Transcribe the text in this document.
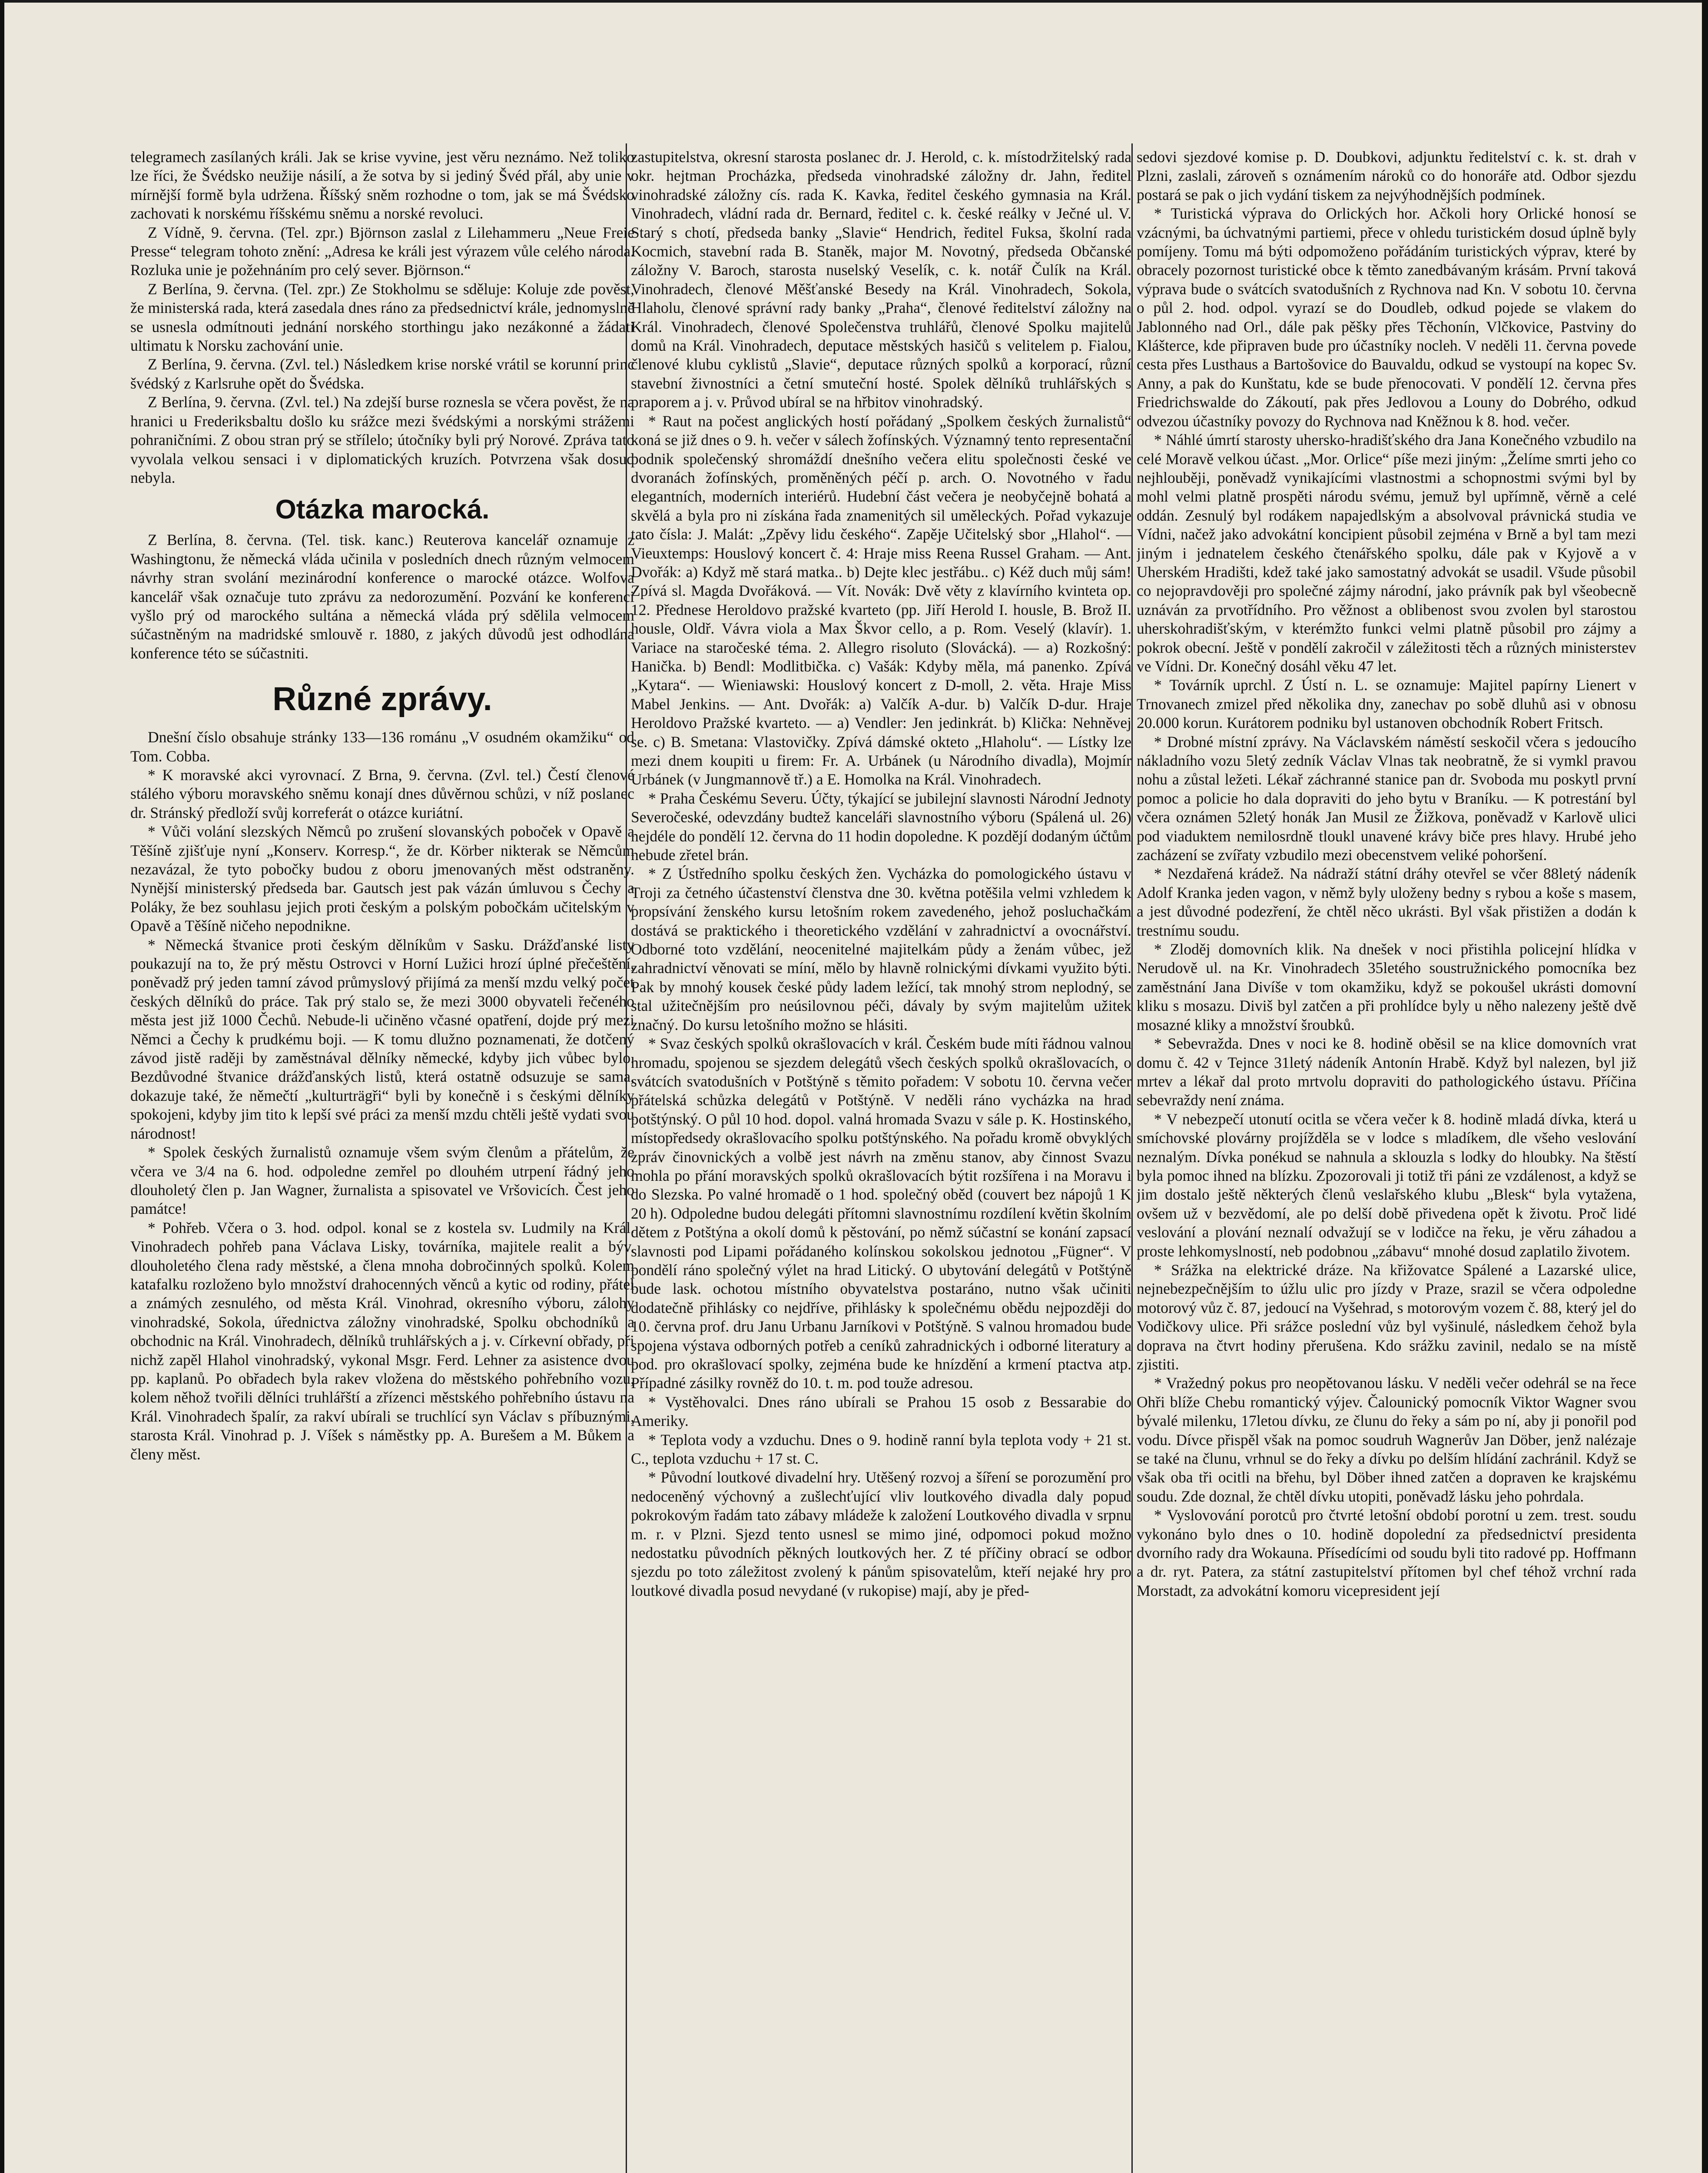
telegramech zasílaných králi. Jak se krise vyvine, jest věru neznámo. Než toliko lze říci, že Švédsko neužije násilí, a že sotva by si jediný Švéd přál, aby unie v mírnější formě byla udržena. Říšský sněm rozhodne o tom, jak se má Švédsko zachovati k norskému říšskému sněmu a norské revoluci.

Z Vídně, 9. června. (Tel. zpr.) Björnson zaslal z Lilehammeru „Neue Freie Presse“ telegram tohoto znění: „Adresa ke králi jest výrazem vůle celého národa. Rozluka unie je požehnáním pro celý sever. Björnson.“

Z Berlína, 9. června. (Tel. zpr.) Ze Stokholmu se sděluje: Koluje zde pověst, že ministerská rada, která zasedala dnes ráno za předsednictví krále, jednomyslně se usnesla odmítnouti jednání norského storthingu jako nezákonné a žádati ultimatu k Norsku zachování unie.

Z Berlína, 9. června. (Zvl. tel.) Následkem krise norské vrátil se korunní princ švédský z Karlsruhe opět do Švédska.

Z Berlína, 9. června. (Zvl. tel.) Na zdejší burse roznesla se včera pověst, že na hranici u Frederiksbaltu došlo ku srážce mezi švédskými a norskými strážemi pohraničními. Z obou stran prý se střílelo; útočníky byli prý Norové. Zpráva tato vyvolala velkou sensaci i v diplomatických kruzích. Potvrzena však dosud nebyla.

Otázka marocká.

Z Berlína, 8. června. (Tel. tisk. kanc.) Reuterova kancelář oznamuje z Washingtonu, že německá vláda učinila v posledních dnech různým velmocem návrhy stran svolání mezinárodní konference o marocké otázce. Wolfova kancelář však označuje tuto zprávu za nedorozumění. Pozvání ke konferenci vyšlo prý od marockého sultána a německá vláda prý sdělila velmocem súčastněným na madridské smlouvě r. 1880, z jakých důvodů jest odhodlána konference této se súčastniti.

Různé zprávy.

Dnešní číslo obsahuje stránky 133—136 románu „V osudném okamžiku“ od Tom. Cobba.

* K moravské akci vyrovnací. Z Brna, 9. června. (Zvl. tel.) Čestí členové stálého výboru moravského sněmu konají dnes důvěrnou schůzi, v níž poslanec dr. Stránský předloží svůj korreferát o otázce kuriátní.

* Vůči volání slezských Němců po zrušení slovanských poboček v Opavě a Těšíně zjišťuje nyní „Konserv. Korresp.“, že dr. Körber nikterak se Němcům nezavázal, že tyto pobočky budou z oboru jmenovaných měst odstraněny. Nynější ministerský předseda bar. Gautsch jest pak vázán úmluvou s Čechy a Poláky, že bez souhlasu jejich proti českým a polským pobočkám učitelským v Opavě a Těšíně ničeho nepodnikne.

* Německá štvanice proti českým dělníkům v Sasku. Drážďanské listy poukazují na to, že prý městu Ostrovci v Horní Lužici hrozí úplné přečeštění, poněvadž prý jeden tamní závod průmyslový přijímá za menší mzdu velký počet českých dělníků do práce. Tak prý stalo se, že mezi 3000 obyvateli řečeného města jest již 1000 Čechů. Nebude-li učiněno včasné opatření, dojde prý mezi Němci a Čechy k prudkému boji. — K tomu dlužno poznamenati, že dotčený závod jistě raději by zaměstnával dělníky německé, kdyby jich vůbec bylo. Bezdůvodné štvanice drážďanských listů, která ostatně odsuzuje se sama, dokazuje také, že němečtí „kulturträgři“ byli by konečně i s českými dělníky spokojeni, kdyby jim tito k lepší své práci za menší mzdu chtěli ještě vydati svou národnost!

* Spolek českých žurnalistů oznamuje všem svým členům a přátelům, že včera ve 3/4 na 6. hod. odpoledne zemřel po dlouhém utrpení řádný jeho dlouholetý člen p. Jan Wagner, žurnalista a spisovatel ve Vršovicích. Čest jeho památce!

* Pohřeb. Včera o 3. hod. odpol. konal se z kostela sv. Ludmily na Král. Vinohradech pohřeb pana Václava Lisky, továrníka, majitele realit a býv. dlouholetého člena rady městské, a člena mnoha dobročinných spolků. Kolem katafalku rozloženo bylo množství drahocenných věnců a kytic od rodiny, přátel a známých zesnulého, od města Král. Vinohrad, okresního výboru, zálohy vinohradské, Sokola, úřednictva záložny vinohradské, Spolku obchodníků a obchodnic na Král. Vinohradech, dělníků truhlářských a j. v. Církevní obřady, při nichž zapěl Hlahol vinohradský, vykonal Msgr. Ferd. Lehner za asistence dvou pp. kaplanů. Po obřadech byla rakev vložena do městského pohřebního vozu, kolem něhož tvořili dělníci truhlářští a zřízenci městského pohřebního ústavu na Král. Vinohradech špalír, za rakví ubírali se truchlící syn Václav s příbuznými, starosta Král. Vinohrad p. J. Víšek s náměstky pp. A. Burešem a M. Bůkem a členy měst.

zastupitelstva, okresní starosta poslanec dr. J. Herold, c. k. místodržitelský rada okr. hejtman Procházka, předseda vinohradské záložny dr. Jahn, ředitel vinohradské záložny cís. rada K. Kavka, ředitel českého gymnasia na Král. Vinohradech, vládní rada dr. Bernard, ředitel c. k. české reálky v Ječné ul. V. Starý s chotí, předseda banky „Slavie“ Hendrich, ředitel Fuksa, školní rada Kocmich, stavební rada B. Staněk, major M. Novotný, předseda Občanské záložny V. Baroch, starosta nuselský Veselík, c. k. notář Čulík na Král. Vinohradech, členové Měšťanské Besedy na Král. Vinohradech, Sokola, Hlaholu, členové správní rady banky „Praha“, členové ředitelství záložny na Král. Vinohradech, členové Společenstva truhlářů, členové Spolku majitelů domů na Král. Vinohradech, deputace městských hasičů s velitelem p. Fialou, členové klubu cyklistů „Slavie“, deputace různých spolků a korporací, různí stavební živnostníci a četní smuteční hosté. Spolek dělníků truhlářských s praporem a j. v. Průvod ubíral se na hřbitov vinohradský.

* Raut na počest anglických hostí pořádaný „Spolkem českých žurnalistů“ koná se již dnes o 9. h. večer v sálech žofínských. Významný tento representační podnik společenský shromáždí dnešního večera elitu společnosti české ve dvoranách žofínských, proměněných péčí p. arch. O. Novotného v řadu elegantních, moderních interiérů. Hudební část večera je neobyčejně bohatá a skvělá a byla pro ni získána řada znamenitých sil uměleckých. Pořad vykazuje tato čísla: J. Malát: „Zpěvy lidu českého“. Zapěje Učitelský sbor „Hlahol“. — Vieuxtemps: Houslový koncert č. 4: Hraje miss Reena Russel Graham. — Ant. Dvořák: a) Když mě stará matka.. b) Dejte klec jestřábu.. c) Kéž duch můj sám! Zpívá sl. Magda Dvořáková. — Vít. Novák: Dvě věty z klavírního kvinteta op. 12. Přednese Heroldovo pražské kvarteto (pp. Jiří Herold I. housle, B. Brož II. housle, Oldř. Vávra viola a Max Škvor cello, a p. Rom. Veselý (klavír). 1. Variace na staročeské téma. 2. Allegro risoluto (Slovácká). — a) Rozkošný: Hanička. b) Bendl: Modlitbička. c) Vašák: Kdyby měla, má panenko. Zpívá „Kytara“. — Wieniawski: Houslový koncert z D-moll, 2. věta. Hraje Miss Mabel Jenkins. — Ant. Dvořák: a) Valčík A-dur. b) Valčík D-dur. Hraje Heroldovo Pražské kvarteto. — a) Vendler: Jen jedinkrát. b) Klička: Nehněvej se. c) B. Smetana: Vlastovičky. Zpívá dámské okteto „Hlaholu“. — Lístky lze mezi dnem koupiti u firem: Fr. A. Urbánek (u Národního divadla), Mojmír Urbánek (v Jungmannově tř.) a E. Homolka na Král. Vinohradech.

* Praha Českému Severu. Účty, týkající se jubilejní slavnosti Národní Jednoty Severočeské, odevzdány budtež kanceláři slavnostního výboru (Spálená ul. 26) nejdéle do pondělí 12. června do 11 hodin dopoledne. K pozdějí dodaným účtům nebude zřetel brán.

* Z Ústředního spolku českých žen. Vycházka do pomologického ústavu v Troji za četného účastenství členstva dne 30. května potěšila velmi vzhledem k propsívání ženského kursu letošním rokem zavedeného, jehož posluchačkám dostává se praktického i theoretického vzdělání v zahradnictví a ovocnářství. Odborné toto vzdělání, neocenitelné majitelkám půdy a ženám vůbec, jež zahradnictví věnovati se míní, mělo by hlavně rolnickými dívkami využito býti. Pak by mnohý kousek české půdy ladem ležící, tak mnohý strom neplodný, se stal užitečnějším pro neúsilovnou péči, dávaly by svým majitelům užitek značný. Do kursu letošního možno se hlásiti.

* Svaz českých spolků okrašlovacích v král. Českém bude míti řádnou valnou hromadu, spojenou se sjezdem delegátů všech českých spolků okrašlovacích, o svátcích svatodušních v Potštýně s těmito pořadem: V sobotu 10. června večer přátelská schůzka delegátů v Potštýně. V neděli ráno vycházka na hrad potštýnský. O půl 10 hod. dopol. valná hromada Svazu v sále p. K. Hostinského, místopředsedy okrašlovacího spolku potštýnského. Na pořadu kromě obvyklých zpráv činovnických a volbě jest návrh na změnu stanov, aby činnost Svazu mohla po přání moravských spolků okrašlovacích býtit rozšířena i na Moravu i do Slezska. Po valné hromadě o 1 hod. společný oběd (couvert bez nápojů 1 K 20 h). Odpoledne budou delegáti přítomni slavnostnímu rozdílení květin školním dětem z Potštýna a okolí domů k pěstování, po němž súčastní se konání zapsací slavnosti pod Lipami pořádaného kolínskou sokolskou jednotou „Fügner“. V pondělí ráno společný výlet na hrad Litický. O ubytování delegátů v Potštýně bude lask. ochotou místního obyvatelstva postaráno, nutno však učiniti dodatečně přihlásky co nejdříve, přihlásky k společnému obědu nejpozději do 10. června prof. dru Janu Urbanu Jarníkovi v Potštýně. S valnou hromadou bude spojena výstava odborných potřeb a ceníků zahradnických i odborné literatury a pod. pro okrašlovací spolky, zejména bude ke hnízdění a krmení ptactva atp. Případné zásilky rovněž do 10. t. m. pod touže adresou.

* Vystěhovalci. Dnes ráno ubírali se Prahou 15 osob z Bessarabie do Ameriky.

* Teplota vody a vzduchu. Dnes o 9. hodině ranní byla teplota vody + 21 st. C., teplota vzduchu + 17 st. C.

* Původní loutkové divadelní hry. Utěšený rozvoj a šíření se porozumění pro nedoceněný výchovný a zušlechťující vliv loutkového divadla daly popud pokrokovým řadám tato zábavy mládeže k založení Loutkového divadla v srpnu m. r. v Plzni. Sjezd tento usnesl se mimo jiné, odpomoci pokud možno nedostatku původních pěkných loutkových her. Z té příčiny obrací se odbor sjezdu po toto záležitost zvolený k pánům spisovatelům, kteří nejaké hry pro loutkové divadla posud nevydané (v rukopise) mají, aby je před-

sedovi sjezdové komise p. D. Doubkovi, adjunktu ředitelství c. k. st. drah v Plzni, zaslali, zároveň s oznámením nároků co do honoráře atd. Odbor sjezdu postará se pak o jich vydání tiskem za nejvýhodnějších podmínek.

* Turistická výprava do Orlických hor. Ačkoli hory Orlické honosí se vzácnými, ba úchvatnými partiemi, přece v ohledu turistickém dosud úplně byly pomíjeny. Tomu má býti odpomoženo pořádáním turistických výprav, které by obracely pozornost turistické obce k těmto zanedbávaným krásám. První taková výprava bude o svátcích svatodušních z Rychnova nad Kn. V sobotu 10. června o půl 2. hod. odpol. vyrazí se do Doudleb, odkud pojede se vlakem do Jablonného nad Orl., dále pak pěšky přes Těchonín, Vlčkovice, Pastviny do Klášterce, kde připraven bude pro účastníky nocleh. V neděli 11. června povede cesta přes Lusthaus a Bartošovice do Bauvaldu, odkud se vystoupí na kopec Sv. Anny, a pak do Kunštatu, kde se bude přenocovati. V pondělí 12. června přes Friedrichswalde do Zákoutí, pak přes Jedlovou a Louny do Dobrého, odkud odvezou účastníky povozy do Rychnova nad Kněžnou k 8. hod. večer.

* Náhlé úmrtí starosty uhersko-hradišťského dra Jana Konečného vzbudilo na celé Moravě velkou účast. „Mor. Orlice“ píše mezi jiným: „Želíme smrti jeho co nejhlouběji, poněvadž vynikajícími vlastnostmi a schopnostmi svými byl by mohl velmi platně prospěti národu svému, jemuž byl upřímně, věrně a celé oddán. Zesnulý byl rodákem napajedlským a absolvoval právnická studia ve Vídni, načež jako advokátní koncipient působil zejména v Brně a byl tam mezi jiným i jednatelem českého čtenářského spolku, dále pak v Kyjově a v Uherském Hradišti, kdež také jako samostatný advokát se usadil. Všude působil co nejopravdověji pro společné zájmy národní, jako právník pak byl všeobecně uznáván za prvotřídního. Pro věžnost a oblibenost svou zvolen byl starostou uherskohradišťským, v kterémžto funkci velmi platně působil pro zájmy a pokrok obecní. Ještě v pondělí zakročil v záležitosti těch a různých ministerstev ve Vídni. Dr. Konečný dosáhl věku 47 let.

* Továrník uprchl. Z Ústí n. L. se oznamuje: Majitel papírny Lienert v Trnovanech zmizel před několika dny, zanechav po sobě dluhů asi v obnosu 20.000 korun. Kurátorem podniku byl ustanoven obchodník Robert Fritsch.

* Drobné místní zprávy. Na Václavském náměstí seskočil včera s jedoucího nákladního vozu 5letý zedník Václav Vlnas tak neobratně, že si vymkl pravou nohu a zůstal ležeti. Lékař záchranné stanice pan dr. Svoboda mu poskytl první pomoc a policie ho dala dopraviti do jeho bytu v Braníku. — K potrestání byl včera oznámen 52letý honák Jan Musil ze Žižkova, poněvadž v Karlově ulici pod viaduktem nemilosrdně tloukl unavené krávy biče pres hlavy. Hrubé jeho zacházení se zvířaty vzbudilo mezi obecenstvem veliké pohoršení.

* Nezdařená krádež. Na nádraží státní dráhy otevřel se včer 88letý nádeník Adolf Kranka jeden vagon, v němž byly uloženy bedny s rybou a koše s masem, a jest důvodné podezření, že chtěl něco ukrásti. Byl však přistižen a dodán k trestnímu soudu.

* Zloděj domovních klik. Na dnešek v noci přistihla policejní hlídka v Nerudově ul. na Kr. Vinohradech 35letého soustružnického pomocníka bez zaměstnání Jana Divíše v tom okamžiku, když se pokoušel ukrásti domovní kliku s mosazu. Diviš byl zatčen a při prohlídce byly u něho nalezeny ještě dvě mosazné kliky a množství šroubků.

* Sebevražda. Dnes v noci ke 8. hodině oběsil se na klice domovních vrat domu č. 42 v Tejnce 31letý nádeník Antonín Hrabě. Když byl nalezen, byl již mrtev a lékař dal proto mrtvolu dopraviti do pathologického ústavu. Příčina sebevraždy není známa.

* V nebezpečí utonutí ocitla se včera večer k 8. hodině mladá dívka, která u smíchovské plovárny projížděla se v lodce s mladíkem, dle všeho veslování neznalým. Dívka ponékud se nahnula a sklouzla s lodky do hloubky. Na štěstí byla pomoc ihned na blízku. Zpozorovali ji totiž tři páni ze vzdálenost, a když se jim dostalo ještě některých členů veslařského klubu „Blesk“ byla vytažena, ovšem už v bezvědomí, ale po delší době přivedena opět k životu. Proč lidé veslování a plování neznalí odvažují se v lodičce na řeku, je věru záhadou a proste lehkomyslností, neb podobnou „zábavu“ mnohé dosud zaplatilo životem.

* Srážka na elektrické dráze. Na křižovatce Spálené a Lazarské ulice, nejnebezpečnějším to úžlu ulic pro jízdy v Praze, srazil se včera odpoledne motorový vůz č. 87, jedoucí na Vyšehrad, s motorovým vozem č. 88, který jel do Vodičkovy ulice. Při srážce poslední vůz byl vyšinulé, následkem čehož byla doprava na čtvrt hodiny přerušena. Kdo srážku zavinil, nedalo se na místě zjistiti.

* Vražedný pokus pro neopětovanou lásku. V neděli večer odehrál se na řece Ohři blíže Chebu romantický výjev. Čalounický pomocník Viktor Wagner svou bývalé milenku, 17letou dívku, ze člunu do řeky a sám po ní, aby ji ponořil pod vodu. Dívce přispěl však na pomoc soudruh Wagnerův Jan Döber, jenž nalézaje se také na člunu, vrhnul se do řeky a dívku po delším hlídání zachránil. Když se však oba tři ocitli na břehu, byl Döber ihned zatčen a dopraven ke krajskému soudu. Zde doznal, že chtěl dívku utopiti, poněvadž lásku jeho pohrdala.

* Vyslovování porotců pro čtvrté letošní období porotní u zem. trest. soudu vykonáno bylo dnes o 10. hodině dopolední za předsednictví presidenta dvorního rady dra Wokauna. Přísedícími od soudu byli tito radové pp. Hoffmann a dr. ryt. Patera, za státní zastupitelství přítomen byl chef téhož vrchní rada Morstadt, za advokátní komoru vicepresident její
